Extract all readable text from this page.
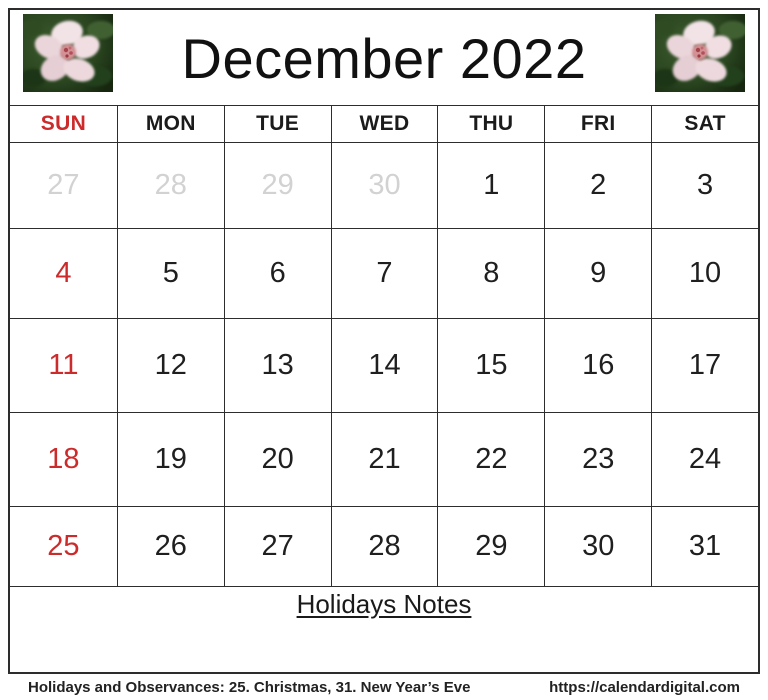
December 2022
SUN	MON	TUE	WED	THU	FRI	SAT
27	28	29	30	1	2	3
4	5	6	7	8	9	10
11	12	13	14	15	16	17
18	19	20	21	22	23	24
25	26	27	28	29	30	31
Holidays Notes
Holidays and Observances: 25. Christmas, 31. New Year’s Eve	https://calendardigital.com
